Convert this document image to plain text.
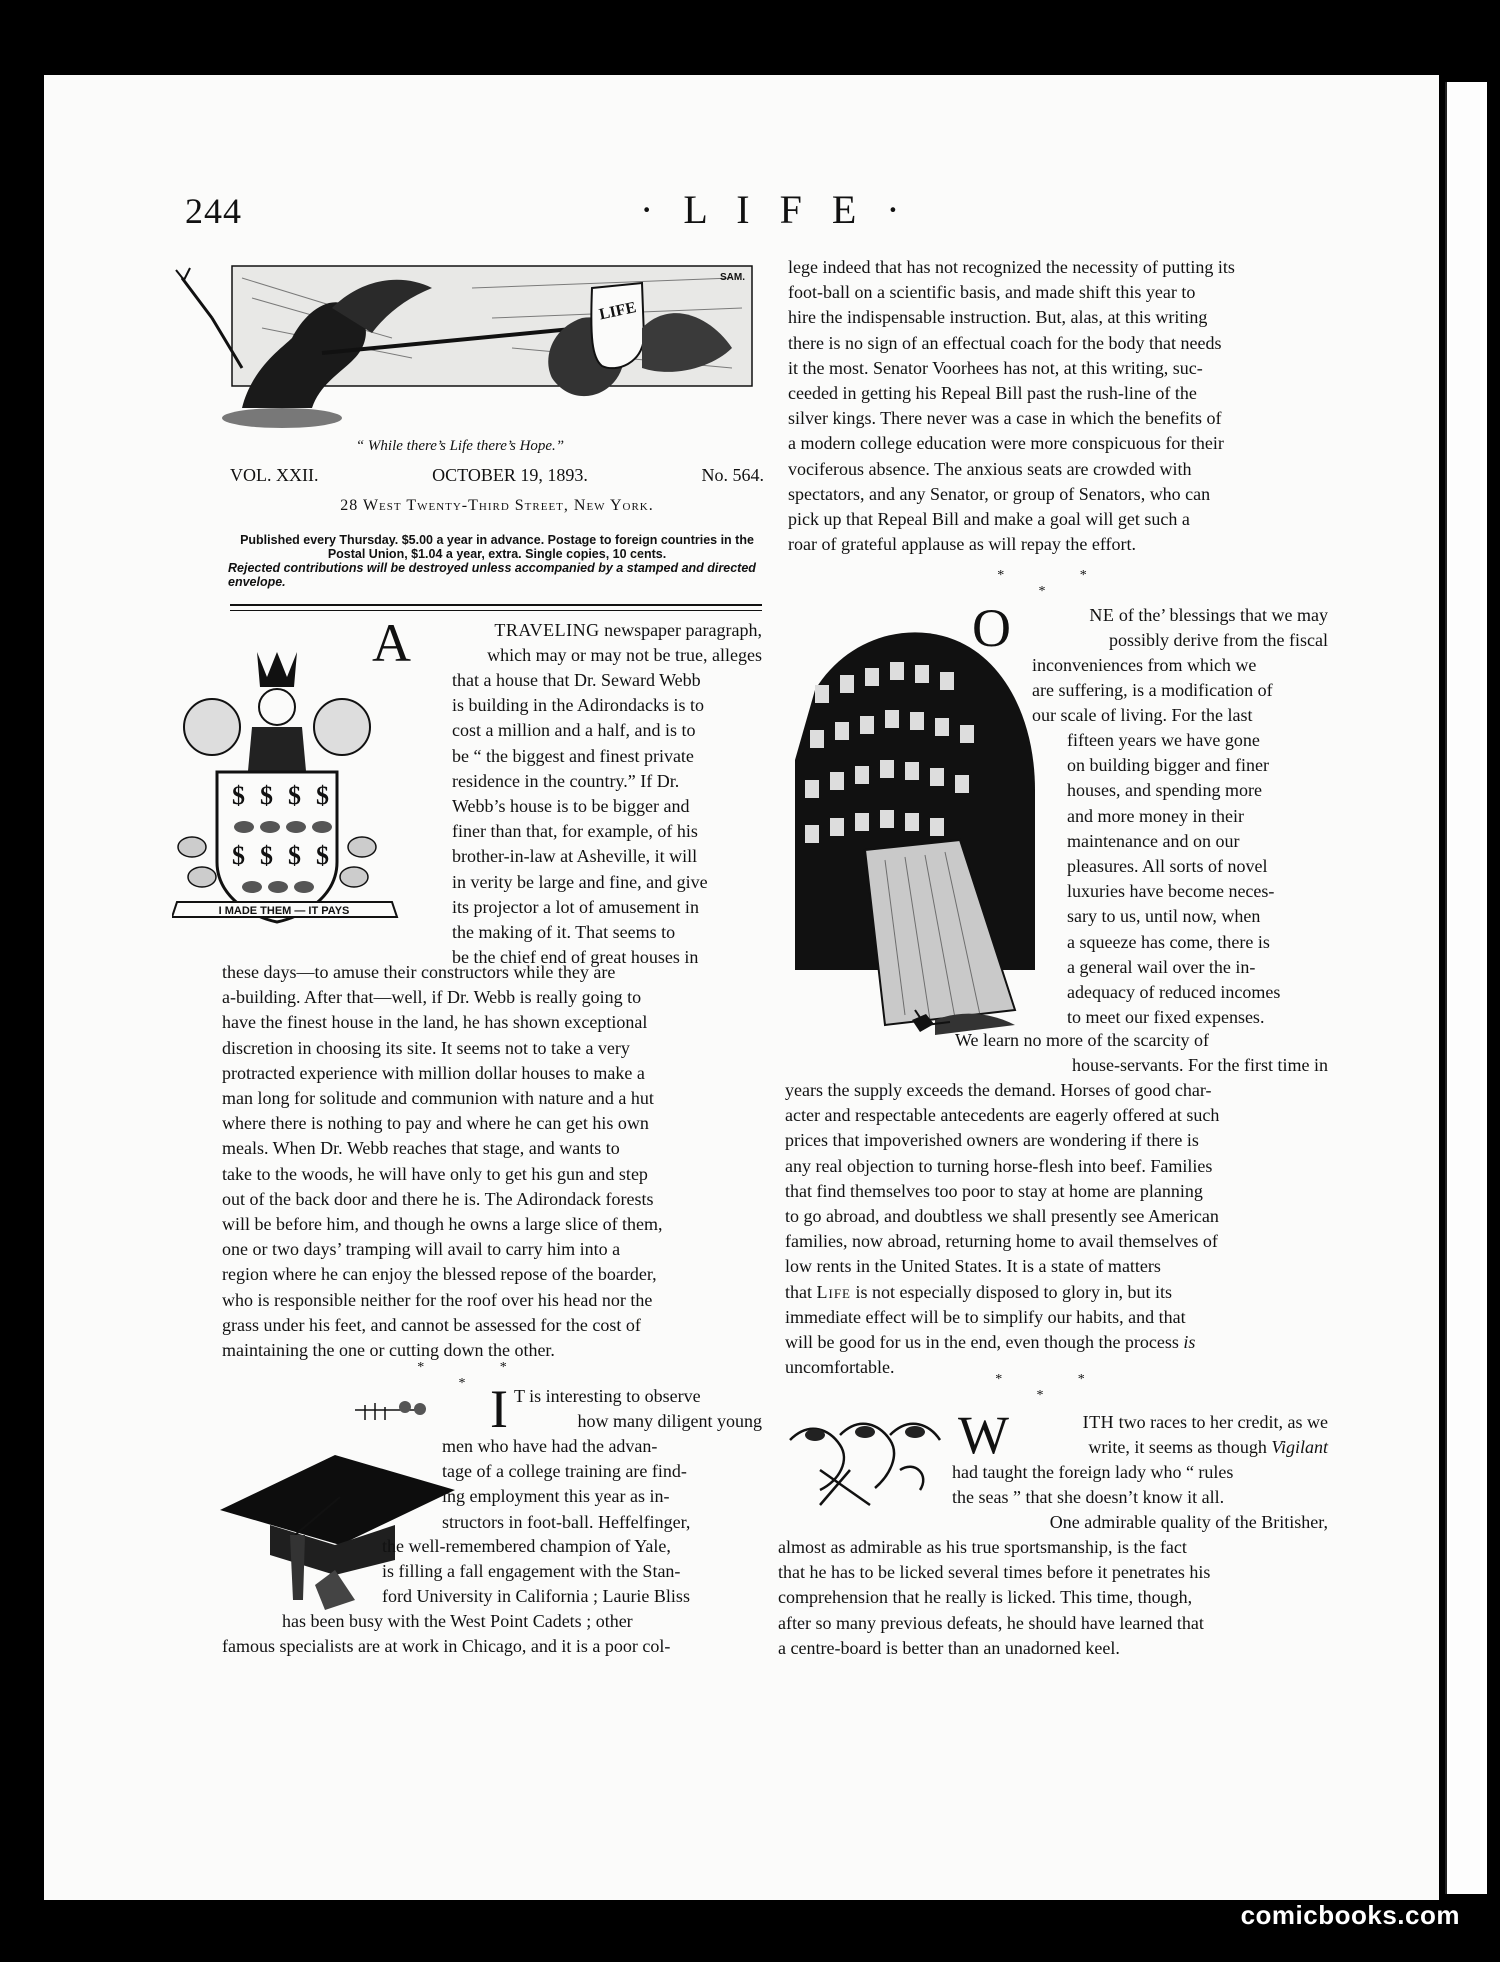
244	· L I F E ·
SAM.
LIFE
“ While there’s Life there’s Hope.”
VOL. XXII.	OCTOBER 19, 1893.	No. 564.
28 West Twenty-Third Street, New York.
Published every Thursday. $5.00 a year in advance. Postage to foreign countries in the Postal Union, $1.04 a year, extra. Single copies, 10 cents.
Rejected contributions will be destroyed unless accompanied by a stamped and directed envelope.
$ $ $ $
$ $ $ $
I MADE THEM — IT PAYS
A	TRAVELING newspaper paragraph,

which may or may not be true, alleges

that a house that Dr. Seward Webb

is building in the Adirondacks is to

cost a million and a half, and is to

be “ the biggest and finest private

residence in the country.” If Dr.

Webb’s house is to be bigger and

finer than that, for example, of his

brother-in-law at Asheville, it will

in verity be large and fine, and give

its projector a lot of amusement in

the making of it. That seems to

be the chief end of great houses in

these days—to amuse their constructors while they are

a-building. After that—well, if Dr. Webb is really going to

have the finest house in the land, he has shown exceptional

discretion in choosing its site. It seems not to take a very

protracted experience with million dollar houses to make a

man long for solitude and communion with nature and a hut

where there is nothing to pay and where he can get his own

meals. When Dr. Webb reaches that stage, and wants to

take to the woods, he will have only to get his gun and step

out of the back door and there he is. The Adirondack forests

will be before him, and though he owns a large slice of them,

one or two days’ tramping will avail to carry him into a

region where he can enjoy the blessed repose of the boarder,

who is responsible neither for the roof over his head nor the

grass under his feet, and cannot be assessed for the cost of

maintaining the one or cutting down the other.

* * *
I T is interesting to observe

how many diligent young

men who have had the advan-

tage of a college training are find-

ing employment this year as in-

structors in foot-ball. Heffelfinger,

the well-remembered champion of Yale,

is filling a fall engagement with the Stan-

ford University in California ; Laurie Bliss

has been busy with the West Point Cadets ; other

famous specialists are at work in Chicago, and it is a poor col-

lege indeed that has not recognized the necessity of putting its

foot-ball on a scientific basis, and made shift this year to

hire the indispensable instruction. But, alas, at this writing

there is no sign of an effectual coach for the body that needs

it the most. Senator Voorhees has not, at this writing, suc-

ceeded in getting his Repeal Bill past the rush-line of the

silver kings. There never was a case in which the benefits of

a modern college education were more conspicuous for their

vociferous absence. The anxious seats are crowded with

spectators, and any Senator, or group of Senators, who can

pick up that Repeal Bill and make a goal will get such a

roar of grateful applause as will repay the effort.

* * *
O	NE of the’ blessings that we may

possibly derive from the fiscal

inconveniences from which we

are suffering, is a modification of

our scale of living. For the last

fifteen years we have gone

on building bigger and finer

houses, and spending more

and more money in their

maintenance and on our

pleasures. All sorts of novel

luxuries have become neces-

sary to us, until now, when

a squeeze has come, there is

a general wail over the in-

adequacy of reduced incomes

to meet our fixed expenses.

We learn no more of the scarcity of

house-servants. For the first time in

years the supply exceeds the demand. Horses of good char-

acter and respectable antecedents are eagerly offered at such

prices that impoverished owners are wondering if there is

any real objection to turning horse-flesh into beef. Families

that find themselves too poor to stay at home are planning

to go abroad, and doubtless we shall presently see American

families, now abroad, returning home to avail themselves of

low rents in the United States. It is a state of matters

that Life is not especially disposed to glory in, but its

immediate effect will be to simplify our habits, and that

will be good for us in the end, even though the process is

uncomfortable.

* * *
W	ITH two races to her credit, as we

write, it seems as though Vigilant

had taught the foreign lady who “ rules

the seas ” that she doesn’t know it all.

One admirable quality of the Britisher,

almost as admirable as his true sportsmanship, is the fact

that he has to be licked several times before it penetrates his

comprehension that he really is licked. This time, though,

after so many previous defeats, he should have learned that

a centre-board is better than an unadorned keel.

comicbooks.com
